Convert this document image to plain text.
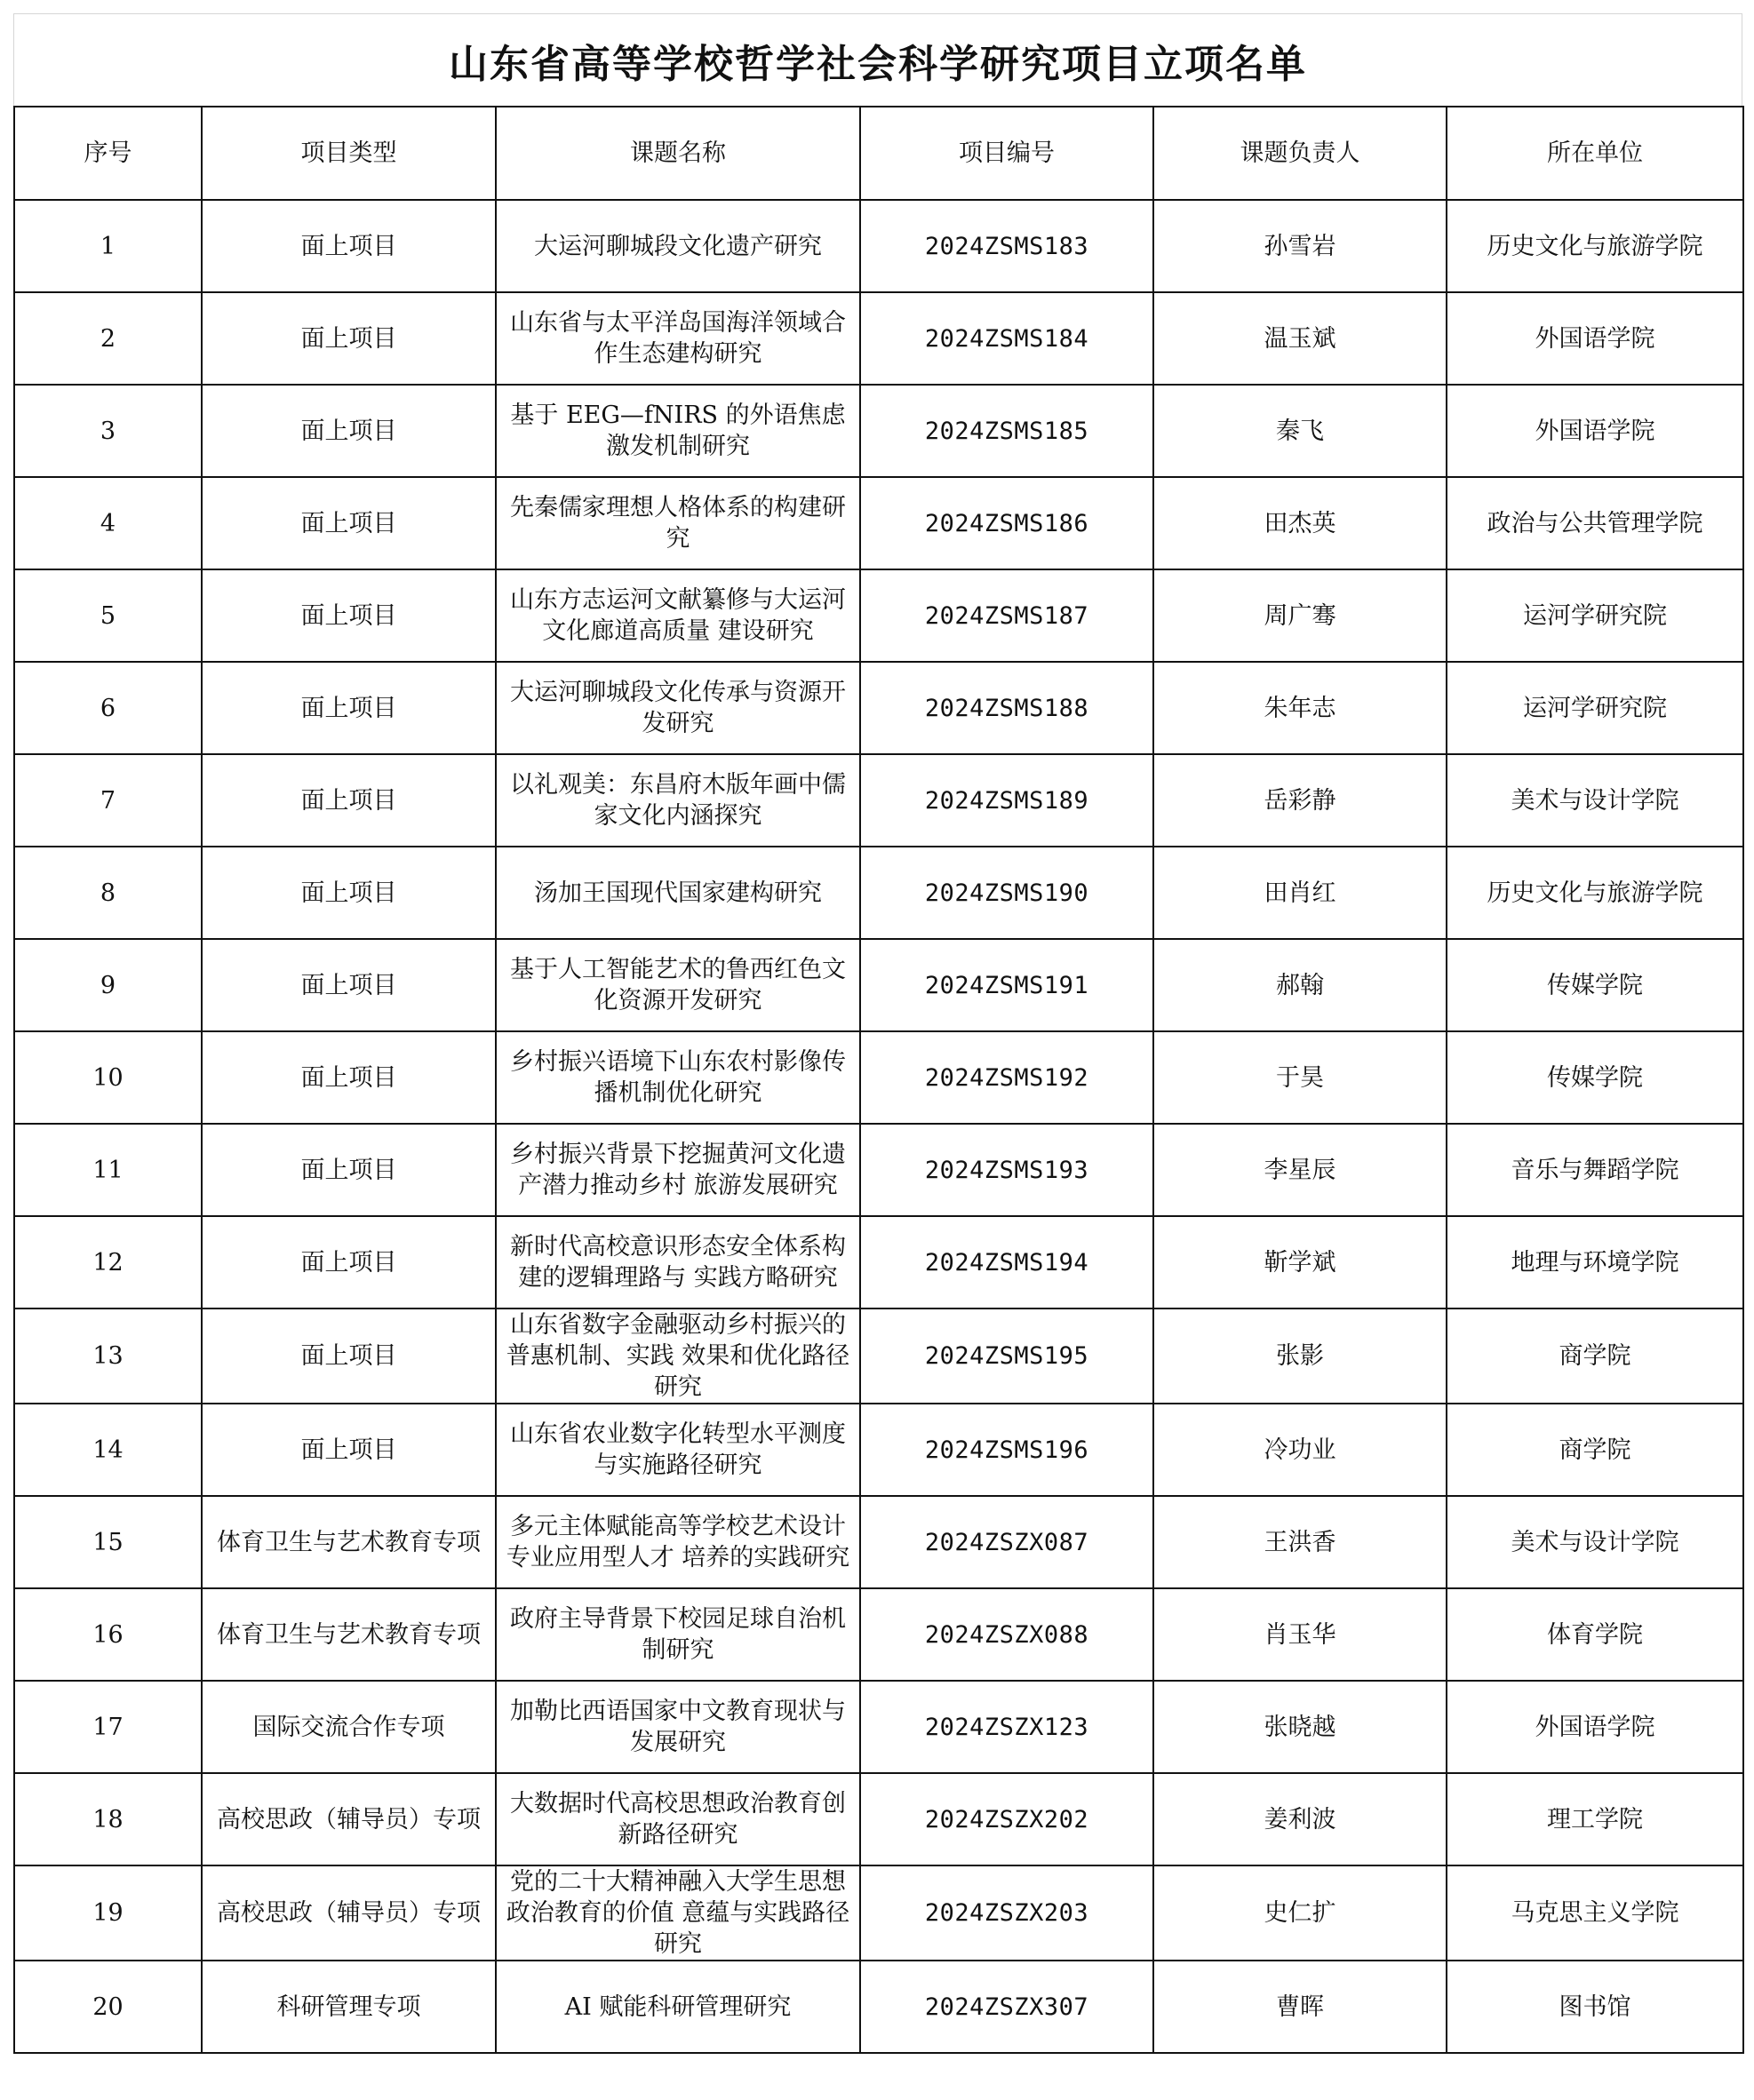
山东省高等学校哲学社会科学研究项目立项名单
序号	项目类型	课题名称	项目编号	课题负责人	所在单位
1	面上项目	大运河聊城段文化遗产研究	2024ZSMS183	孙雪岩	历史文化与旅游学院
2	面上项目	山东省与太平洋岛国海洋领域合作生态建构研究	2024ZSMS184	温玉斌	外国语学院
3	面上项目	基于 EEG—fNIRS 的外语焦虑激发机制研究	2024ZSMS185	秦飞	外国语学院
4	面上项目	先秦儒家理想人格体系的构建研究	2024ZSMS186	田杰英	政治与公共管理学院
5	面上项目	山东方志运河文献纂修与大运河文化廊道高质量 建设研究	2024ZSMS187	周广骞	运河学研究院
6	面上项目	大运河聊城段文化传承与资源开发研究	2024ZSMS188	朱年志	运河学研究院
7	面上项目	以礼观美：东昌府木版年画中儒家文化内涵探究	2024ZSMS189	岳彩静	美术与设计学院
8	面上项目	汤加王国现代国家建构研究	2024ZSMS190	田肖红	历史文化与旅游学院
9	面上项目	基于人工智能艺术的鲁西红色文化资源开发研究	2024ZSMS191	郝翰	传媒学院
10	面上项目	乡村振兴语境下山东农村影像传播机制优化研究	2024ZSMS192	于昊	传媒学院
11	面上项目	乡村振兴背景下挖掘黄河文化遗产潜力推动乡村 旅游发展研究	2024ZSMS193	李星辰	音乐与舞蹈学院
12	面上项目	新时代高校意识形态安全体系构建的逻辑理路与 实践方略研究	2024ZSMS194	靳学斌	地理与环境学院
13	面上项目	山东省数字金融驱动乡村振兴的普惠机制、实践 效果和优化路径研究	2024ZSMS195	张影	商学院
14	面上项目	山东省农业数字化转型水平测度与实施路径研究	2024ZSMS196	冷功业	商学院
15	体育卫生与艺术教育专项	多元主体赋能高等学校艺术设计专业应用型人才 培养的实践研究	2024ZSZX087	王洪香	美术与设计学院
16	体育卫生与艺术教育专项	政府主导背景下校园足球自治机制研究	2024ZSZX088	肖玉华	体育学院
17	国际交流合作专项	加勒比西语国家中文教育现状与发展研究	2024ZSZX123	张晓越	外国语学院
18	高校思政（辅导员）专项	大数据时代高校思想政治教育创新路径研究	2024ZSZX202	姜利波	理工学院
19	高校思政（辅导员）专项	党的二十大精神融入大学生思想政治教育的价值 意蕴与实践路径研究	2024ZSZX203	史仁扩	马克思主义学院
20	科研管理专项	AI 赋能科研管理研究	2024ZSZX307	曹晖	图书馆
